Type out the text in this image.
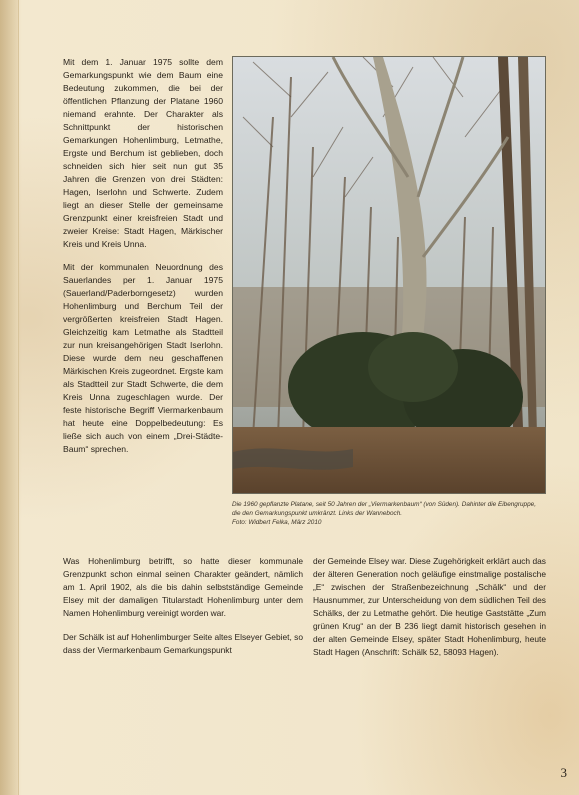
Mit dem 1. Januar 1975 sollte dem Gemarkungspunkt wie dem Baum eine Bedeutung zukommen, die bei der öffentlichen Pflanzung der Platane 1960 niemand erahnte. Der Charakter als Schnittpunkt der historischen Gemarkungen Hohenlimburg, Letmathe, Ergste und Berchum ist geblieben, doch schneiden sich hier seit nun gut 35 Jahren die Grenzen von drei Städten: Hagen, Iserlohn und Schwerte. Zudem liegt an dieser Stelle der gemeinsame Grenzpunkt einer kreisfreien Stadt und zweier Kreise: Stadt Hagen, Märkischer Kreis und Kreis Unna.

Mit der kommunalen Neuordnung des Sauerlandes per 1. Januar 1975 (Sauerland/Paderborngesetz) wurden Hohenlimburg und Berchum Teil der vergrößerten kreisfreien Stadt Hagen. Gleichzeitig kam Letmathe als Stadtteil zur nun kreisangehörigen Stadt Iserlohn. Diese wurde dem neu geschaffenen Märkischen Kreis zugeordnet. Ergste kam als Stadtteil zur Stadt Schwerte, die dem Kreis Unna zugeschlagen wurde. Der feste historische Begriff Viermarkenbaum hat heute eine Doppelbedeutung: Es ließe sich auch von einem „Drei-Städte-Baum“ sprechen.

Die 1960 gepflanzte Platane, seit 50 Jahren der „Viermarkenbaum“ (von Süden). Dahinter die Eibengruppe, die den Gemarkungspunkt umkränzt. Links der Wanneboch.
Foto: Widbert Felka, März 2010

Was Hohenlimburg betrifft, so hatte dieser kommunale Grenzpunkt schon einmal seinen Charakter geändert, nämlich am 1. April 1902, als die bis dahin selbstständige Gemeinde Elsey mit der damaligen Titularstadt Hohenlimburg unter dem Namen Hohenlimburg vereinigt worden war.

Der Schälk ist auf Hohenlimburger Seite altes Elseyer Gebiet, so dass der Viermarkenbaum Gemarkungspunkt

der Gemeinde Elsey war. Diese Zugehörigkeit erklärt auch das der älteren Generation noch geläufige einstmalige postalische „E“ zwischen der Straßenbezeichnung „Schälk“ und der Hausnummer, zur Unterscheidung von dem südlichen Teil des Schälks, der zu Letmathe gehört. Die heutige Gaststätte „Zum grünen Krug“ an der B 236 liegt damit historisch gesehen in der alten Gemeinde Elsey, später Stadt Hohenlimburg, heute Stadt Hagen (Anschrift: Schälk 52, 58093 Hagen).

3
